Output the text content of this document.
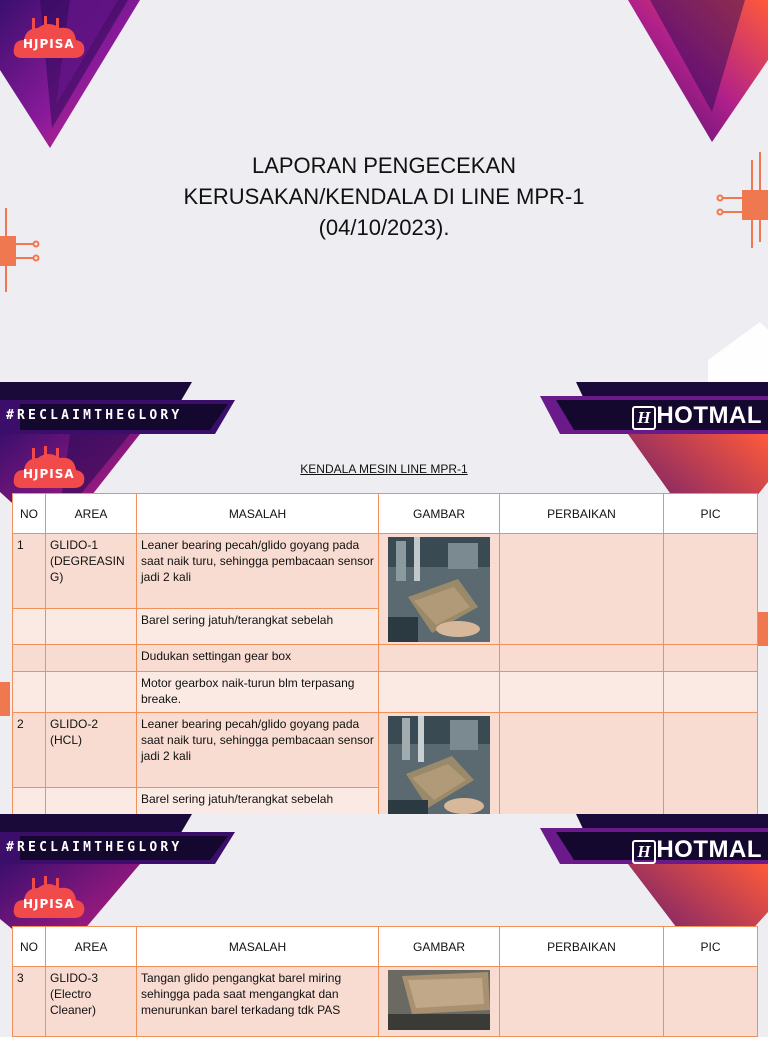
HJPISA
LAPORAN PENGECEKAN
KERUSAKAN/KENDALA DI LINE MPR-1
(04/10/2023).
#RECLAIMTHEGLORY	H HOTMAL
HJPISA	KENDALA MESIN LINE MPR-1
NO	AREA	MASALAH	GAMBAR	PERBAIKAN	PIC
1	GLIDO-1 (DEGREASIN G)	Leaner bearing pecah/glido goyang pada saat naik turu, sehingga pembacaan sensor jadi 2 kali	

		Barel sering jatuh/terangkat sebelah			
		Dudukan settingan gear box			
		Motor gearbox naik-turun blm terpasang breake.			
2	GLIDO-2 (HCL)	Leaner bearing pecah/glido goyang pada saat naik turu, sehingga pembacaan sensor jadi 2 kali	

		Barel sering jatuh/terangkat sebelah			

#RECLAIMTHEGLORY	H HOTMAL
HJPISA
NO	AREA	MASALAH	GAMBAR	PERBAIKAN	PIC
3	GLIDO-3 (Electro Cleaner)	Tangan glido pengangkat barel miring sehingga pada saat mengangkat dan menurunkan barel terkadang tdk PAS	
